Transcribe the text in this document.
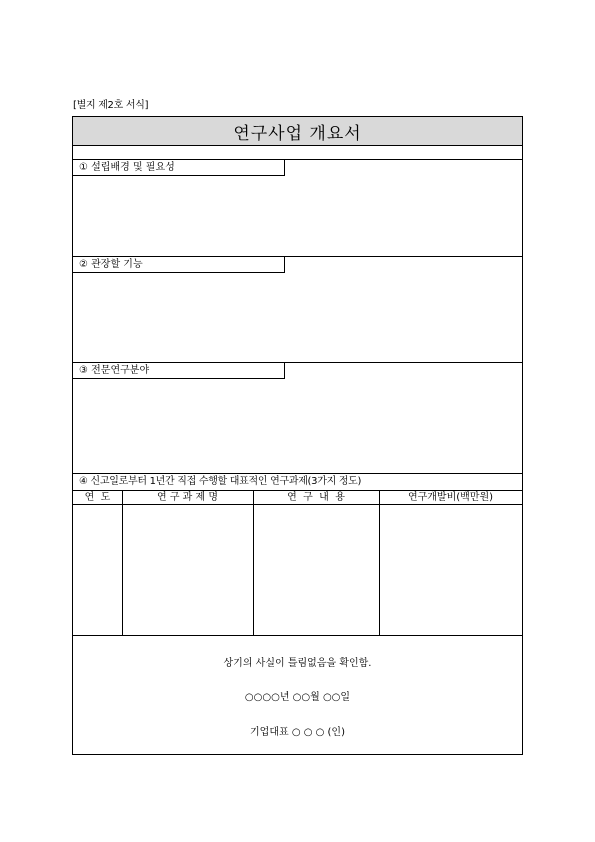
[별지 제2호 서식]
연구사업 개요서
① 설립배경 및 필요성
② 관장할 기능
③ 전문연구분야
④ 신고일로부터 1년간 직접 수행할 대표적인 연구과제(3가지 정도)
연  도	연 구 과 제 명	연  구  내  용	연구개발비(백만원)
상기의 사실이 틀림없음을 확인함.
○○○○년 ○○월 ○○일
기업대표 ○ ○ ○ (인)
